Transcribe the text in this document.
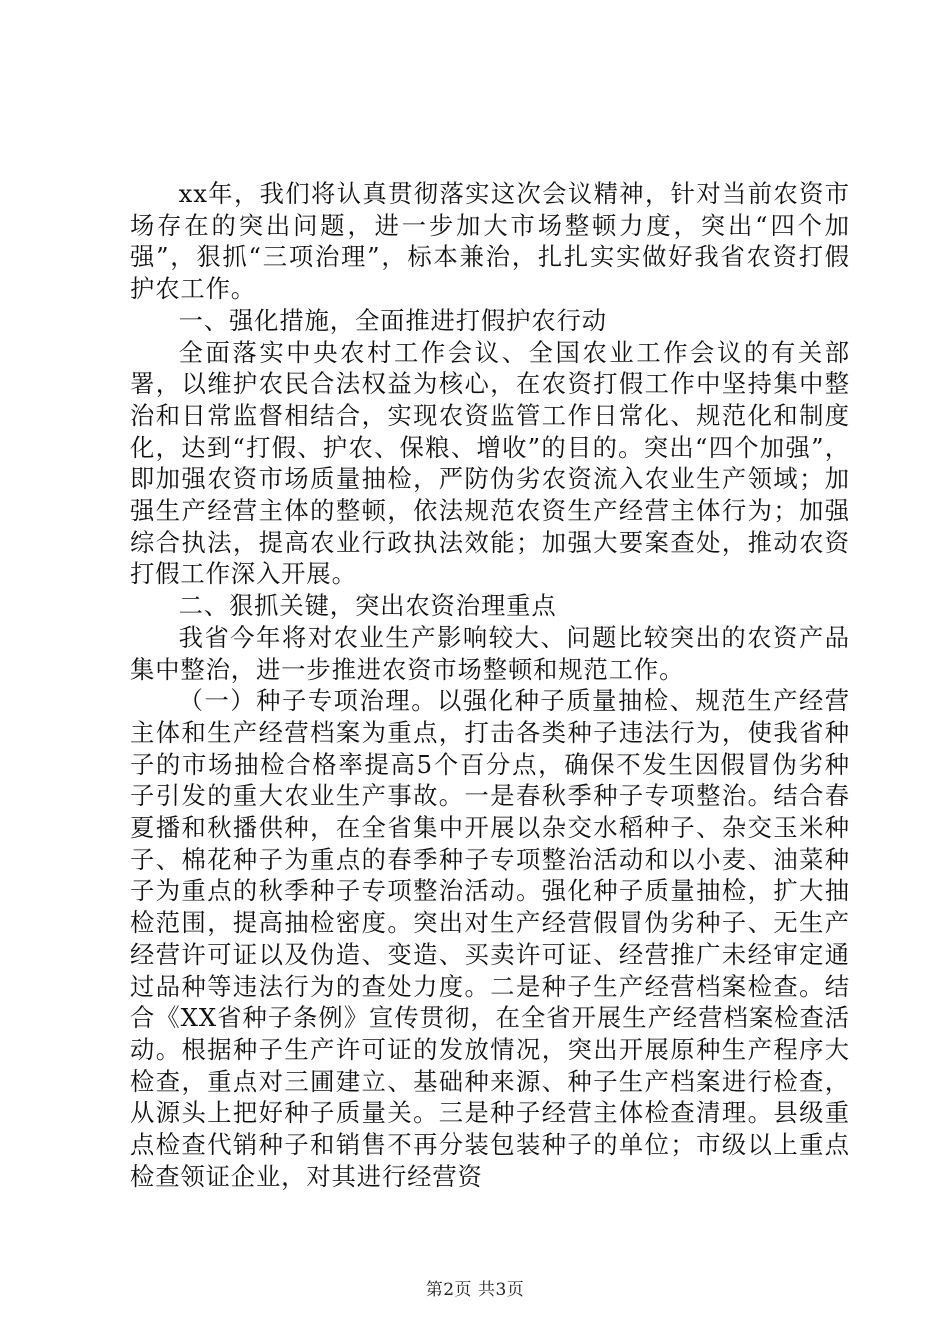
xx年，我们将认真贯彻落实这次会议精神，针对当前农资市场存在的突出问题，进一步加大市场整顿力度，突出“四个加强”，狠抓“三项治理”，标本兼治，扎扎实实做好我省农资打假护农工作。

一、强化措施，全面推进打假护农行动

全面落实中央农村工作会议、全国农业工作会议的有关部署，以维护农民合法权益为核心，在农资打假工作中坚持集中整治和日常监督相结合，实现农资监管工作日常化、规范化和制度化，达到“打假、护农、保粮、增收”的目的。突出“四个加强”，即加强农资市场质量抽检，严防伪劣农资流入农业生产领域；加强生产经营主体的整顿，依法规范农资生产经营主体行为；加强综合执法，提高农业行政执法效能；加强大要案查处，推动农资打假工作深入开展。

二、狠抓关键，突出农资治理重点

我省今年将对农业生产影响较大、问题比较突出的农资产品集中整治，进一步推进农资市场整顿和规范工作。

（一）种子专项治理。以强化种子质量抽检、规范生产经营主体和生产经营档案为重点，打击各类种子违法行为，使我省种子的市场抽检合格率提高5个百分点，确保不发生因假冒伪劣种子引发的重大农业生产事故。一是春秋季种子专项整治。结合春夏播和秋播供种，在全省集中开展以杂交水稻种子、杂交玉米种子、棉花种子为重点的春季种子专项整治活动和以小麦、油菜种子为重点的秋季种子专项整治活动。强化种子质量抽检，扩大抽检范围，提高抽检密度。突出对生产经营假冒伪劣种子、无生产经营许可证以及伪造、变造、买卖许可证、经营推广未经审定通过品种等违法行为的查处力度。二是种子生产经营档案检查。结合《XX省种子条例》宣传贯彻，在全省开展生产经营档案检查活动。根据种子生产许可证的发放情况，突出开展原种生产程序大检查，重点对三圃建立、基础种来源、种子生产档案进行检查，从源头上把好种子质量关。三是种子经营主体检查清理。县级重点检查代销种子和销售不再分装包装种子的单位；市级以上重点检查领证企业，对其进行经营资

第2页 共3页
